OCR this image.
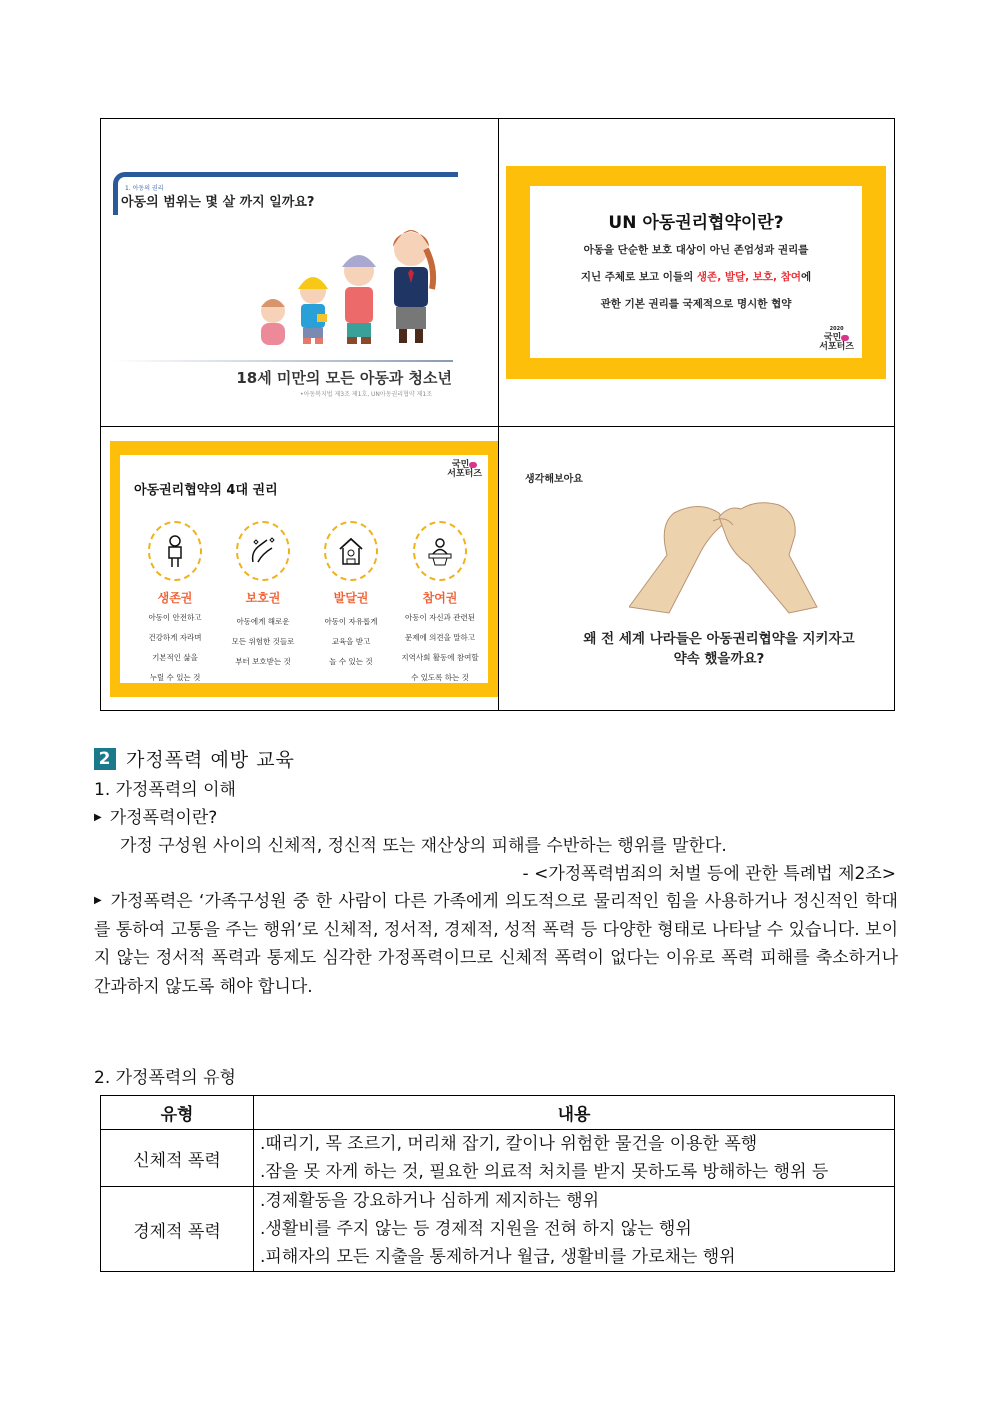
1. 아동의 권리
아동의 범위는 몇 살 까지 일까요?
18세 미만의 모든 아동과 청소년
•아동복지법 제3조 제1호, UN아동권리협약 제1조
UN 아동권리협약이란?
아동을 단순한 보호 대상이 아닌 존엄성과 권리를
지닌 주체로 보고 이들의 생존, 발달, 보호, 참여에
관한 기본 권리를 국제적으로 명시한 협약
2020
국민
서포터즈
아동권리협약의 4대 권리
국민
서포터즈
생존권
아동이 안전하고
건강하게 자라며
기본적인 삶을
누릴 수 있는 것
보호권
아동에게 해로운
모든 위험한 것들로
부터 보호받는 것
발달권
아동이 자유롭게
교육을 받고
놀 수 있는 것
참여권
아동이 자신과 관련된
문제에 의견을 말하고
지역사회 활동에 참여할
수 있도록 하는 것
생각해보아요
왜 전 세계 나라들은 아동권리협약을 지키자고
약속 했을까요?
2 가정폭력 예방 교육
1. 가정폭력의 이해
▶ 가정폭력이란?
가정 구성원 사이의 신체적, 정신적 또는 재산상의 피해를 수반하는 행위를 말한다.
- <가정폭력범죄의 처벌 등에 관한 특례법 제2조>
▶ 가정폭력은 ‘가족구성원 중 한 사람이 다른 가족에게 의도적으로 물리적인 힘을 사용하거나 정신적인 학대를 통하여 고통을 주는 행위’로 신체적, 정서적, 경제적, 성적 폭력 등 다양한 형태로 나타날 수 있습니다. 보이지 않는 정서적 폭력과 통제도 심각한 가정폭력이므로 신체적 폭력이 없다는 이유로 폭력 피해를 축소하거나 간과하지 않도록 해야 합니다.
2. 가정폭력의 유형
유형	내용
신체적 폭력	.때리기, 목 조르기, 머리채 잡기, 칼이나 위험한 물건을 이용한 폭행
.잠을 못 자게 하는 것, 필요한 의료적 처치를 받지 못하도록 방해하는 행위 등

경제적 폭력	.경제활동을 강요하거나 심하게 제지하는 행위
.생활비를 주지 않는 등 경제적 지원을 전혀 하지 않는 행위
.피해자의 모든 지출을 통제하거나 월급, 생활비를 가로채는 행위
